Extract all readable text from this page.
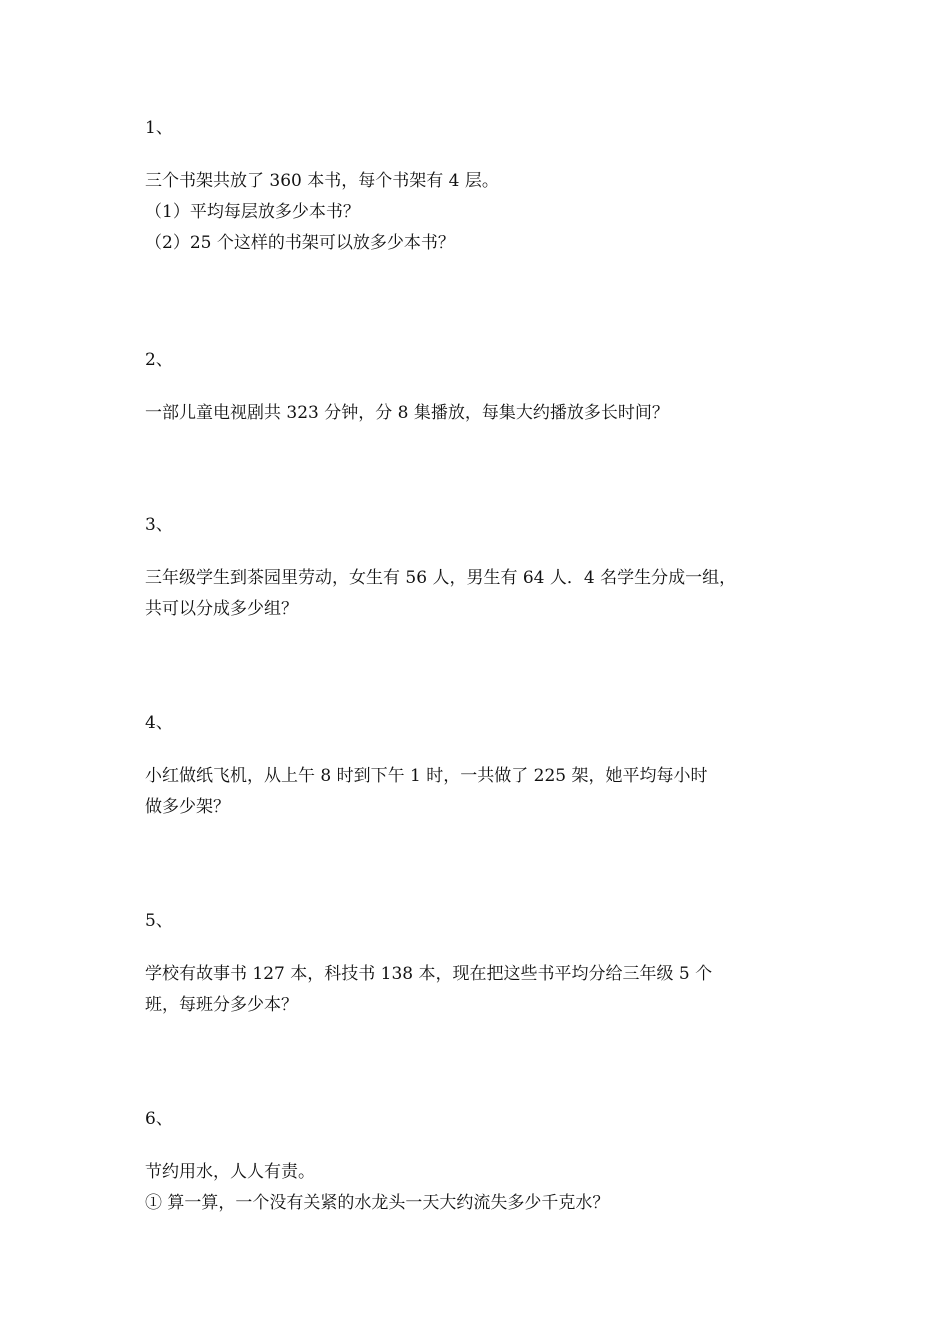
1、
三个书架共放了 360 本书，每个书架有 4 层。
（1）平均每层放多少本书？
（2）25 个这样的书架可以放多少本书？
2、
一部儿童电视剧共 323 分钟，分 8 集播放，每集大约播放多长时间？
3、
三年级学生到茶园里劳动，女生有 56 人，男生有 64 人．4 名学生分成一组，
共可以分成多少组？
4、
小红做纸飞机，从上午 8 时到下午 1 时，一共做了 225 架，她平均每小时
做多少架？
5、
学校有故事书 127 本，科技书 138 本，现在把这些书平均分给三年级 5 个
班，每班分多少本？
6、
节约用水，人人有责。
① 算一算，一个没有关紧的水龙头一天大约流失多少千克水？
